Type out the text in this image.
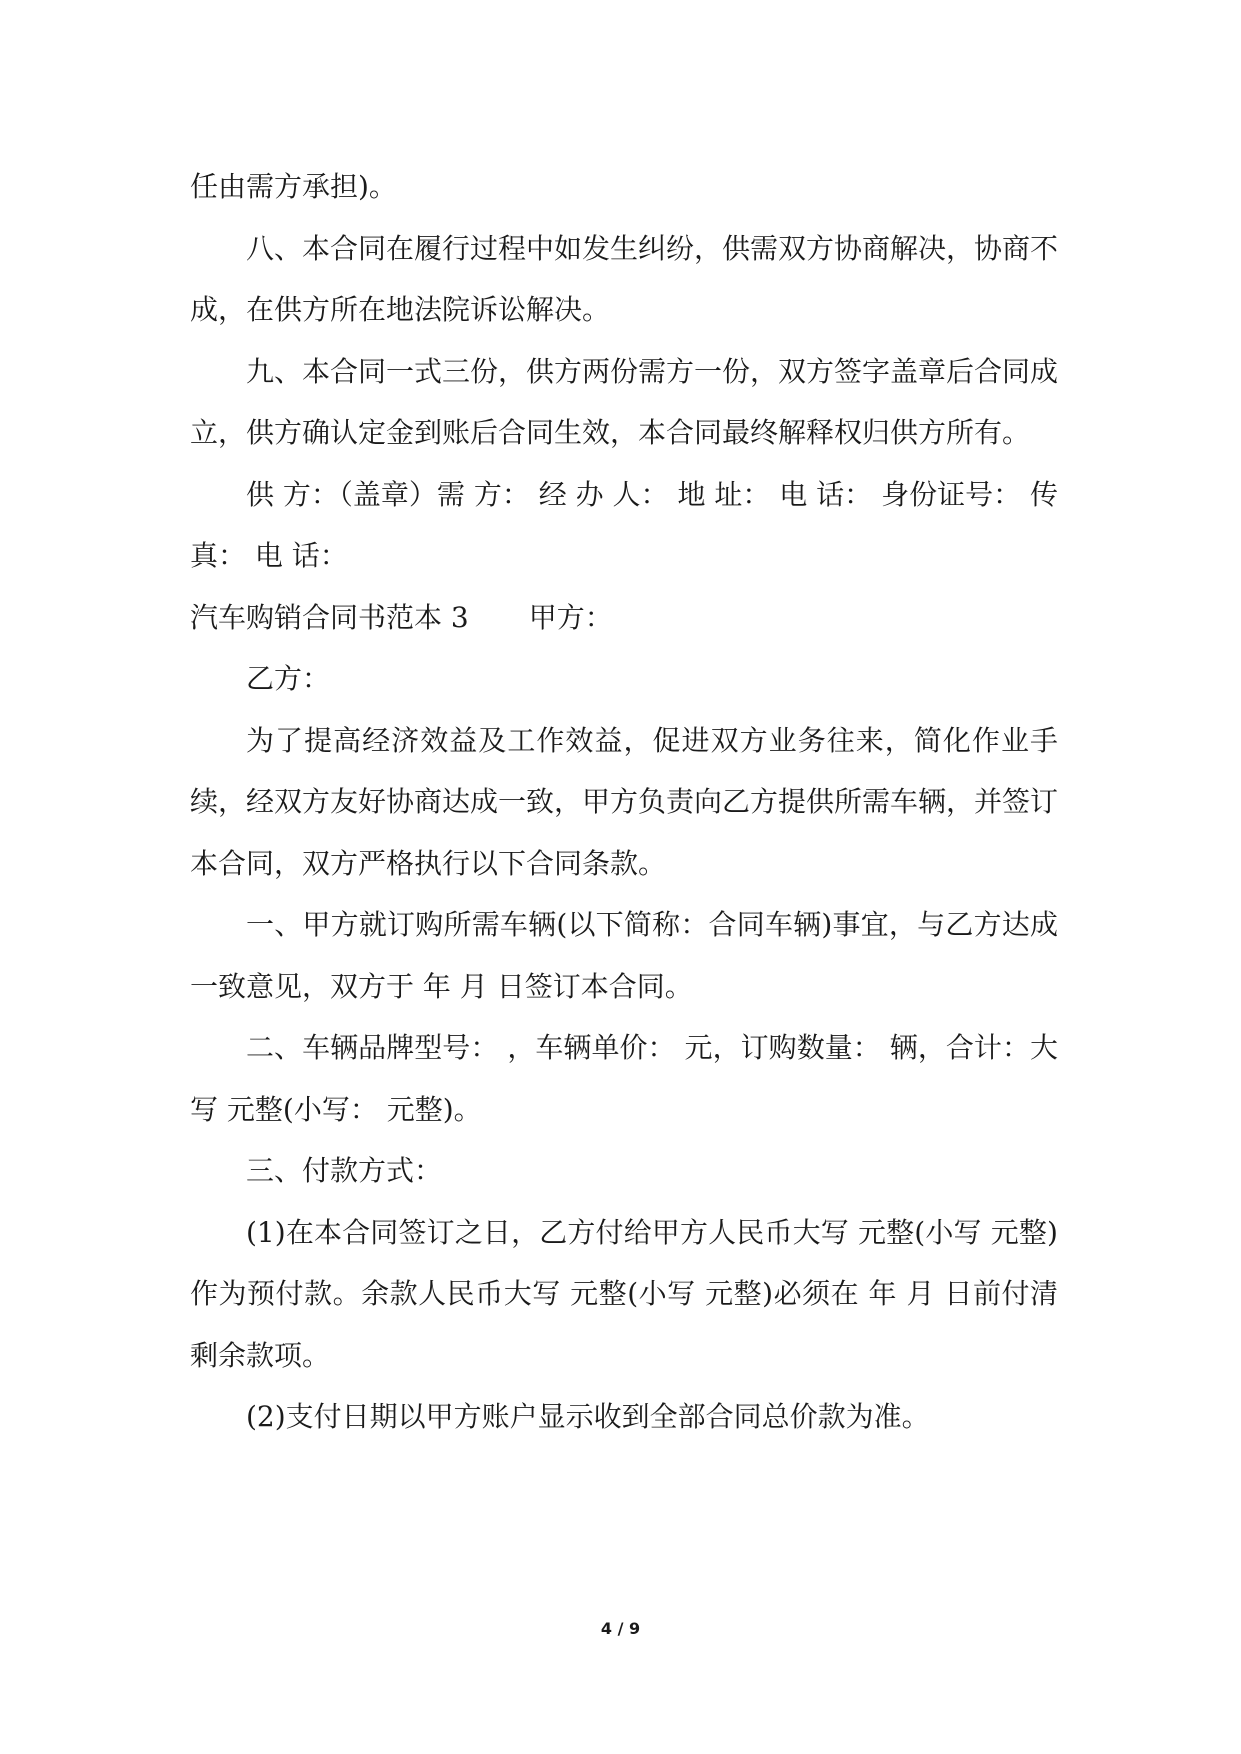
任由需方承担)。

八、本合同在履行过程中如发生纠纷，供需双方协商解决，协商不成，在供方所在地法院诉讼解决。

九、本合同一式三份，供方两份需方一份，双方签字盖章后合同成立，供方确认定金到账后合同生效，本合同最终解释权归供方所有。

供 方：（盖章）需 方： 经 办 人： 地 址： 电 话： 身份证号： 传 真： 电 话：

汽车购销合同书范本 3 甲方：

乙方：

为了提高经济效益及工作效益，促进双方业务往来，简化作业手续，经双方友好协商达成一致，甲方负责向乙方提供所需车辆，并签订本合同，双方严格执行以下合同条款。

一、甲方就订购所需车辆(以下简称：合同车辆)事宜，与乙方达成一致意见，双方于 年 月 日签订本合同。

二、车辆品牌型号： ，车辆单价： 元，订购数量： 辆，合计：大写 元整(小写： 元整)。

三、付款方式：

(1)在本合同签订之日，乙方付给甲方人民币大写 元整(小写 元整)作为预付款。余款人民币大写 元整(小写 元整)必须在 年 月 日前付清剩余款项。

(2)支付日期以甲方账户显示收到全部合同总价款为准。

4 / 9
